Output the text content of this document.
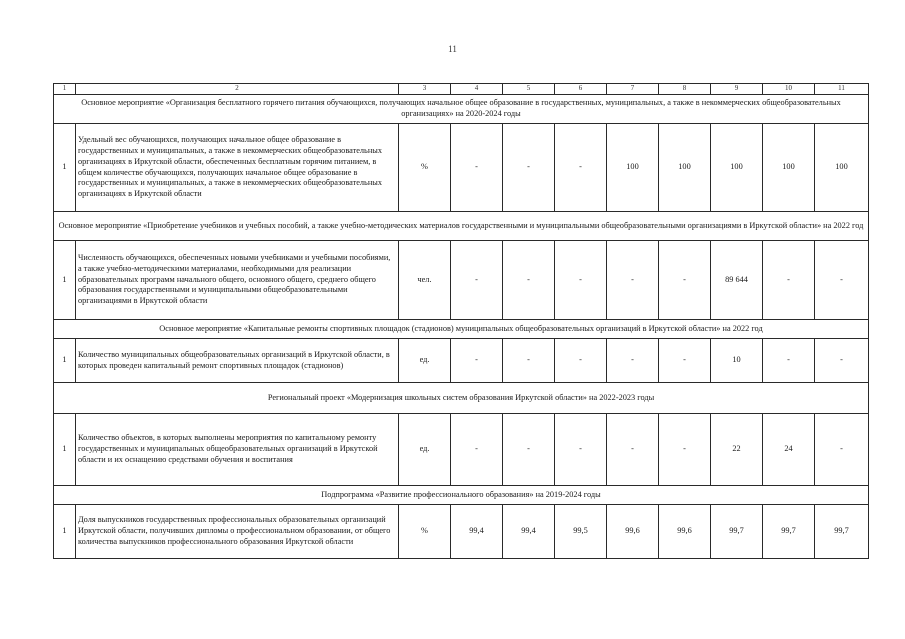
11
1	2	3	4	5	6	7	8	9	10	11
Основное мероприятие «Организация бесплатного горячего питания обучающихся, получающих начальное общее образование в государственных, муниципальных, а также в некоммерческих общеобразовательных организациях» на 2020-2024 годы										
1	Удельный вес обучающихся, получающих начальное общее образование в государственных и муниципальных, а также в некоммерческих общеобразовательных организациях в Иркутской области, обеспеченных бесплатным горячим питанием, в общем количестве обучающихся, получающих начальное общее образование в государственных и муниципальных, а также в некоммерческих общеобразовательных организациях в Иркутской области	%	-	-	-	100	100	100	100	100
Основное мероприятие «Приобретение учебников и учебных пособий, а также учебно-методических материалов государственными и муниципальными общеобразовательными организациями в Иркутской области» на 2022 год										
1	Численность обучающихся, обеспеченных новыми учебниками и учебными пособиями, а также учебно-методическими материалами, необходимыми для реализации образовательных программ начального общего, основного общего, среднего общего образования государственными и муниципальными общеобразовательными организациями в Иркутской области	чел.	-	-	-	-	-	89 644	-	-
Основное мероприятие «Капитальные ремонты спортивных площадок (стадионов) муниципальных общеобразовательных организаций в Иркутской области» на 2022 год										
1	Количество муниципальных общеобразовательных организаций в Иркутской области, в которых проведен капитальный ремонт спортивных площадок (стадионов)	ед.	-	-	-	-	-	10	-	-
Региональный проект «Модернизация школьных систем образования Иркутской области» на 2022-2023 годы										
1	Количество объектов, в которых выполнены мероприятия по капитальному ремонту государственных и муниципальных общеобразовательных организаций в Иркутской области и их оснащению средствами обучения и воспитания	ед.	-	-	-	-	-	22	24	-
Подпрограмма «Развитие профессионального образования» на 2019-2024 годы										
1	Доля выпускников государственных профессиональных образовательных организаций Иркутской области, получивших дипломы о профессиональном образовании, от общего количества выпускников профессионального образования Иркутской области	%	99,4	99,4	99,5	99,6	99,6	99,7	99,7	99,7
